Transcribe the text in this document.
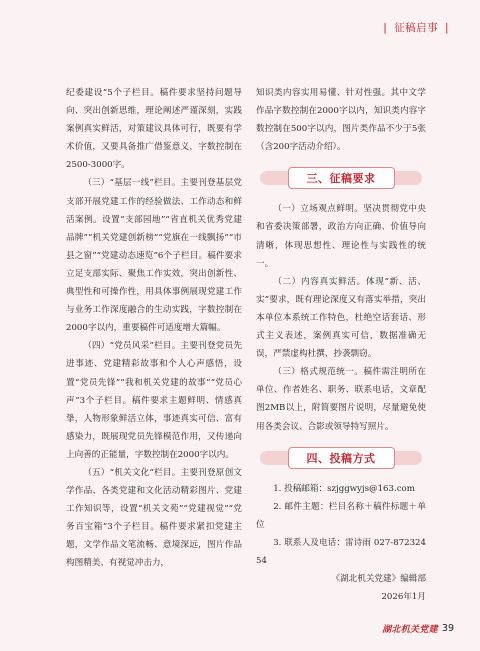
| 征稿启事 |

纪委建设”5个子栏目。稿件要求坚持问题导向、突出创新思维，理论阐述严谨深刻，实践案例真实鲜活，对策建议具体可行，既要有学术价值，又要具备推广借鉴意义，字数控制在2500-3000字。

（三）“基层一线”栏目。主要刊登基层党支部开展党建工作的经验做法、工作动态和鲜活案例。设置“支部园地”“省直机关优秀党建品牌”“机关党建创新榜”“党旗在一线飘扬”“市县之窗”“党建动态速览”6个子栏目。稿件要求立足支部实际、聚焦工作实效，突出创新性、典型性和可操作性，用具体事例展现党建工作与业务工作深度融合的生动实践，字数控制在2000字以内，重要稿件可适度增大篇幅。

（四）“党员风采”栏目。主要刊登党员先进事迹、党建精彩故事和个人心声感悟，设置“党员先锋”“我和机关党建的故事”“党员心声”3个子栏目。稿件要求主题鲜明、情感真挚，人物形象鲜活立体，事迹真实可信、富有感染力，既展现党员先锋模范作用，又传递向上向善的正能量，字数控制在2000字以内。

（五）“机关文化”栏目。主要刊登原创文学作品、各类党建和文化活动精彩图片、党建工作知识等，设置“机关文苑”“党建视觉”“党务百宝箱”3个子栏目。稿件要求紧扣党建主题，文学作品文笔流畅、意境深远，图片作品构图精美、有视觉冲击力，

知识类内容实用易懂、针对性强。其中文学作品字数控制在2000字以内，知识类内容字数控制在500字以内，图片类作品不少于5张（含200字活动介绍）。

三、征稿要求

（一）立场观点鲜明。坚决贯彻党中央和省委决策部署，政治方向正确、价值导向清晰，体现思想性、理论性与实践性的统一。

（二）内容真实鲜活。体现“新、活、实”要求，既有理论深度又有落实举措，突出本单位本系统工作特色，杜绝空话套话、形式主义表述，案例真实可信，数据准确无误，严禁虚构杜撰、抄袭剽窃。

（三）格式规范统一。稿件需注明所在单位、作者姓名、职务、联系电话，文章配图2MB以上，附简要图片说明，尽量避免使用各类会议、合影或领导特写照片。

四、投稿方式

1. 投稿邮箱：szjggwyjs@163.com

2. 邮件主题：栏目名称＋稿件标题＋单位

3. 联系人及电话：雷诗雨 027-87232454

《湖北机关党建》编辑部

2026年1月

湖北机关党建 39
